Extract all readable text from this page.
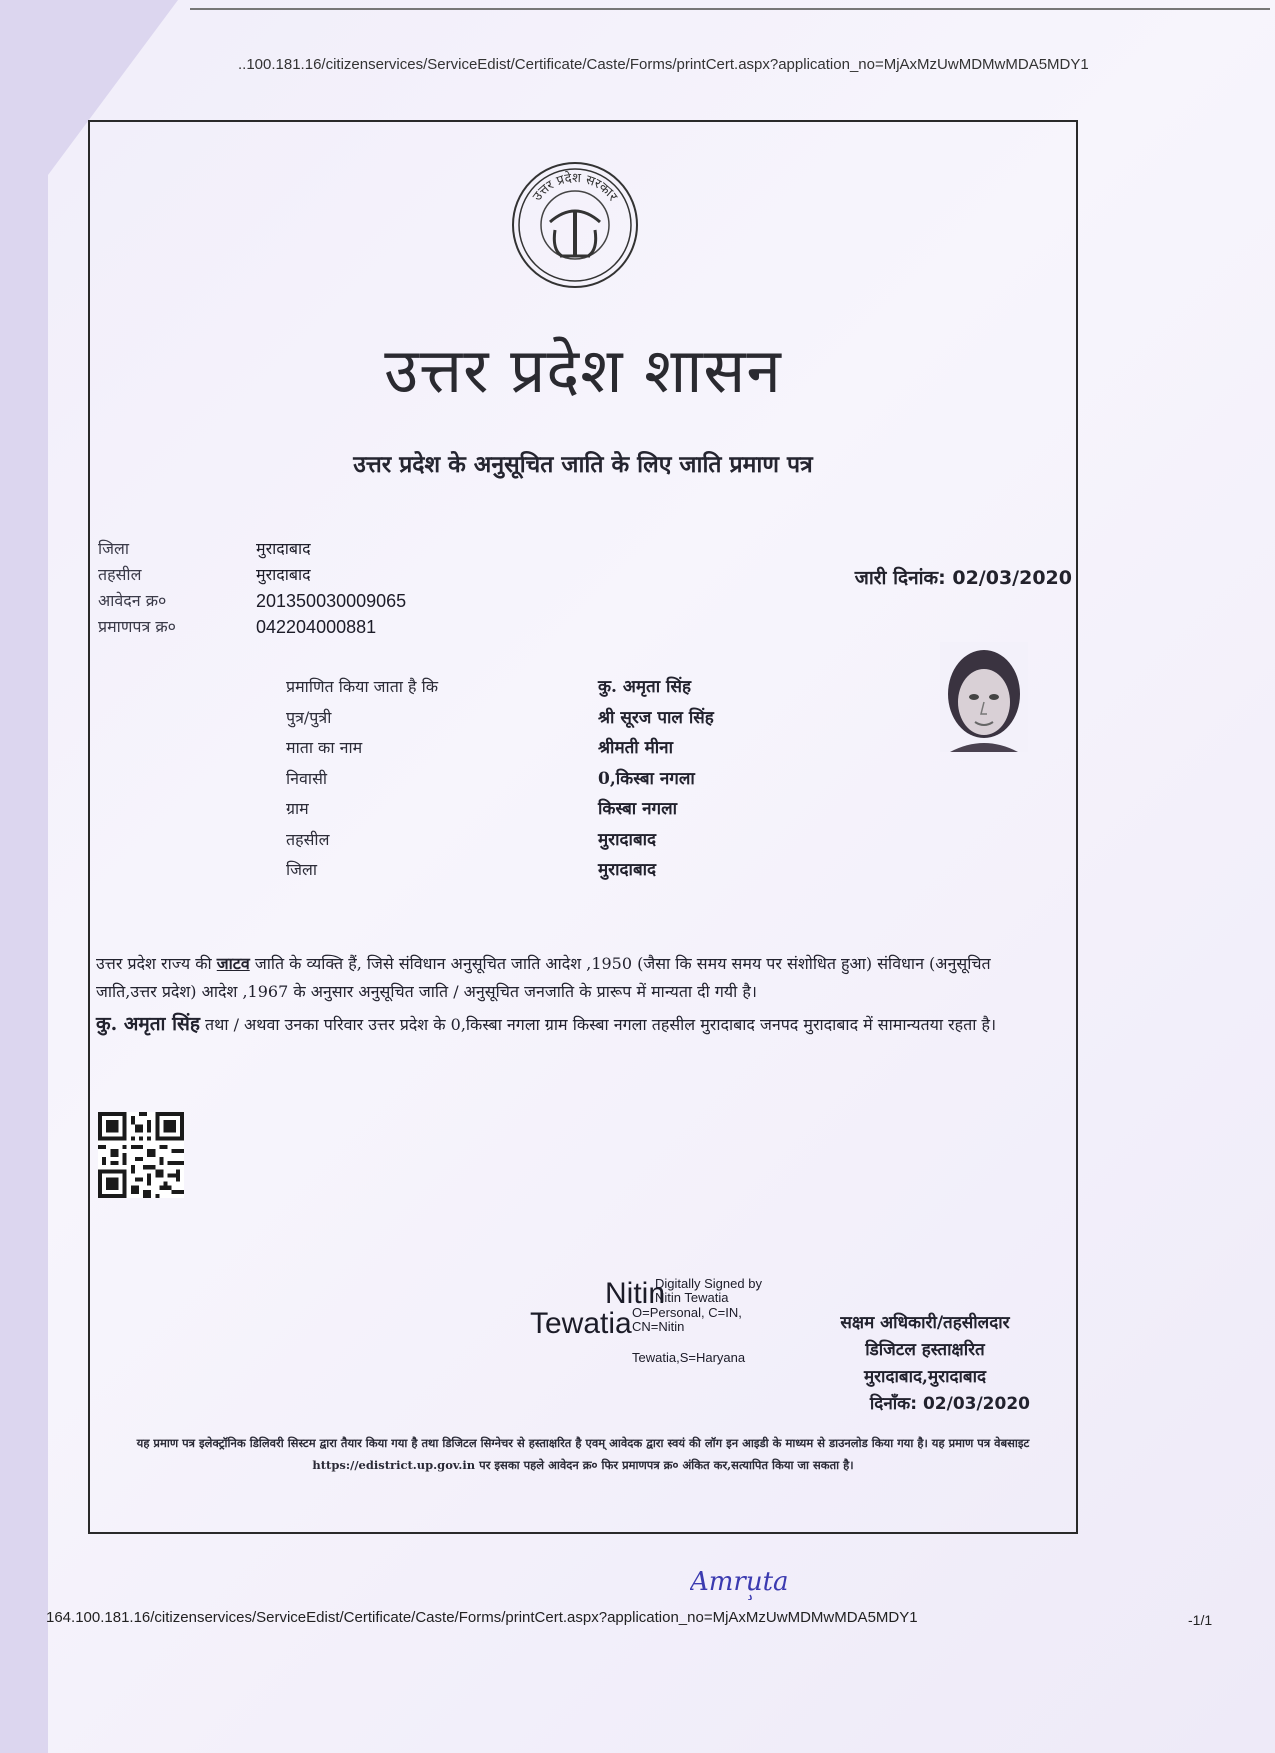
..100.181.16/citizenservices/ServiceEdist/Certificate/Caste/Forms/printCert.aspx?application_no=MjAxMzUwMDMwMDA5MDY1
उत्तर प्रदेश सरकार
उत्तर प्रदेश शासन
उत्तर प्रदेश के अनुसूचित जाति के लिए जाति प्रमाण पत्र
जिला
तहसील
आवेदन क्र०
प्रमाणपत्र क्र०
मुरादाबाद
मुरादाबाद
201350030009065
042204000881
जारी दिनांक: 02/03/2020
प्रमाणित किया जाता है कि
पुत्र/पुत्री
माता का नाम
निवासी
ग्राम
तहसील
जिला
कु. अमृता सिंह
श्री सूरज पाल सिंह
श्रीमती मीना
0,किस्बा नगला
किस्बा नगला
मुरादाबाद
मुरादाबाद
उत्तर प्रदेश राज्य की जाटव जाति के व्यक्ति हैं, जिसे संविधान अनुसूचित जाति आदेश ,1950 (जैसा कि समय समय पर संशोधित हुआ) संविधान (अनुसूचित जाति,उत्तर प्रदेश) आदेश ,1967 के अनुसार अनुसूचित जाति / अनुसूचित जनजाति के प्रारूप में मान्यता दी गयी है।
कु. अमृता सिंह तथा / अथवा उनका परिवार उत्तर प्रदेश के 0,किस्बा नगला ग्राम किस्बा नगला तहसील मुरादाबाद जनपद मुरादाबाद में सामान्यतया रहता है।
Nitin
Digitally Signed by
Nitin Tewatia
Tewatia O=Personal, C=IN,
CN=Nitin
Tewatia,S=Haryana
सक्षम अधिकारी/तहसीलदार
डिजिटल हस्ताक्षरित
मुरादाबाद,मुरादाबाद
दिनाँक: 02/03/2020
यह प्रमाण पत्र इलेक्ट्रॉनिक डिलिवरी सिस्टम द्वारा तैयार किया गया है तथा डिजिटल सिग्नेचर से हस्ताक्षरित है एवम् आवेदक द्वारा स्वयं की लॉग इन आइडी के माध्यम से डाउनलोड किया गया है। यह प्रमाण पत्र वेबसाइट https://edistrict.up.gov.in पर इसका पहले आवेदन क्र० फिर प्रमाणपत्र क्र० अंकित कर,सत्यापित किया जा सकता है।
Amruta
164.100.181.16/citizenservices/ServiceEdist/Certificate/Caste/Forms/printCert.aspx?application_no=MjAxMzUwMDMwMDA5MDY1	-1/1
